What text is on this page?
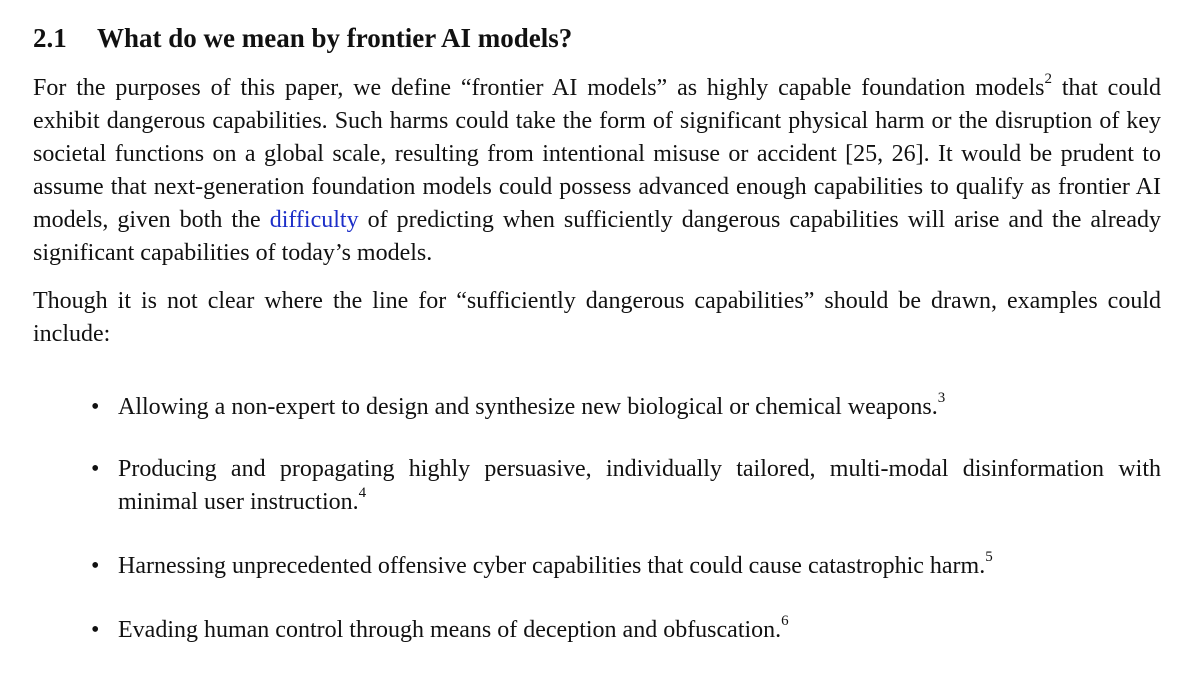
2.1 What do we mean by frontier AI models?
For the purposes of this paper, we define “frontier AI models” as highly capable foundation models$^2$ that could exhibit dangerous capabilities. Such harms could take the form of significant physical harm or the disruption of key societal functions on a global scale, resulting from intentional misuse or accident [25, 26]. It would be prudent to assume that next-generation foundation models could possess advanced enough capabilities to qualify as frontier AI models, given both the difficulty of predicting when sufficiently dangerous capabilities will arise and the already significant capabilities of today’s models.
Though it is not clear where the line for “sufficiently dangerous capabilities” should be drawn, examples could include:
• Allowing a non-expert to design and synthesize new biological or chemical weapons.$^3$
• Producing and propagating highly persuasive, individually tailored, multi-modal disinformation with minimal user instruction.$^4$
• Harnessing unprecedented offensive cyber capabilities that could cause catastrophic harm.$^5$
• Evading human control through means of deception and obfuscation.$^6$
